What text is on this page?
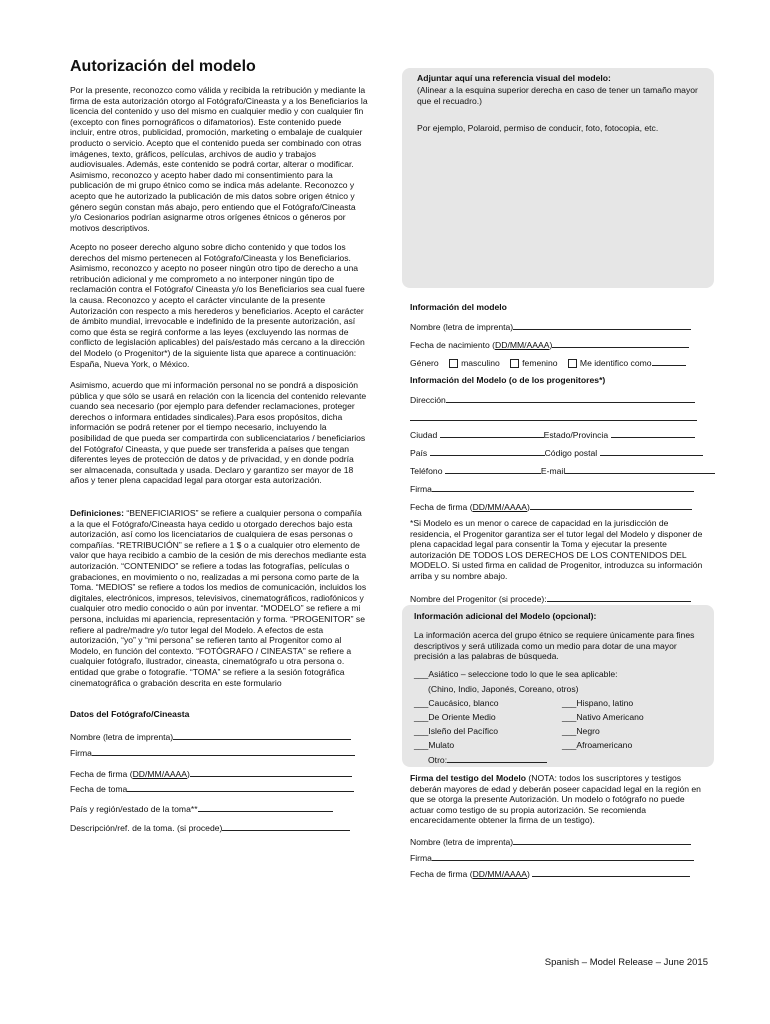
Autorización del modelo

Por la presente, reconozco como válida y recibida la retribución y mediante la firma de esta autorización otorgo al Fotógrafo/Cineasta y a los Beneficiarios la licencia del contenido y uso del mismo en cualquier medio y con cualquier fin (excepto con fines pornográficos o difamatorios). Este contenido puede incluir, entre otros, publicidad, promoción, marketing o embalaje de cualquier producto o servicio. Acepto que el contenido pueda ser combinado con otras imágenes, texto, gráficos, películas, archivos de audio y trabajos audiovisuales. Además, este contenido se podrá cortar, alterar o modificar. Asimismo, reconozco y acepto haber dado mi consentimiento para la publicación de mi grupo étnico como se indica más adelante. Reconozco y acepto que he autorizado la publicación de mis datos sobre origen étnico y género según constan más abajo, pero entiendo que el Fotógrafo/Cineasta y/o Cesionarios podrían asignarme otros orígenes étnicos o géneros por motivos descriptivos.

Acepto no poseer derecho alguno sobre dicho contenido y que todos los derechos del mismo pertenecen al Fotógrafo/Cineasta y los Beneficiarios. Asimismo, reconozco y acepto no poseer ningún otro tipo de derecho a una retribución adicional y me comprometo a no interponer ningún tipo de reclamación contra el Fotógrafo/ Cineasta y/o los Beneficiarios sea cual fuere la causa. Reconozco y acepto el carácter vinculante de la presente Autorización con respecto a mis herederos y beneficiarios. Acepto el carácter de ámbito mundial, irrevocable e indefinido de la presente autorización, así como que ésta se regirá conforme a las leyes (excluyendo las normas de conflicto de legislación aplicables) del país/estado más cercano a la dirección del Modelo (o Progenitor*) de la siguiente lista que aparece a continuación: España, Nueva York, o México.

Asimismo, acuerdo que mi información personal no se pondrá a disposición pública y que sólo se usará en relación con la licencia del contenido relevante cuando sea necesario (por ejemplo para defender reclamaciones, proteger derechos o informara entidades sindicales).Para esos propósitos, dicha información se podrá retener por el tiempo necesario, incluyendo la posibilidad de que pueda ser compartirda con sublicenciatarios / beneficiarios del Fotógrafo/ Cineasta, y que puede ser transferida a países que tengan diferentes leyes de protección de datos y de privacidad, y en donde podría ser almacenada, consultada y usada. Declaro y garantizo ser mayor de 18 años y tener plena capacidad legal para otorgar esta autorización.

Definiciones: “BENEFICIARIOS” se refiere a cualquier persona o compañía a la que el Fotógrafo/Cineasta haya cedido u otorgado derechos bajo esta autorización, así como los licenciatarios de cualquiera de esas personas o compañías. “RETRIBUCIÓN” se refiere a 1 $ o a cualquier otro elemento de valor que haya recibido a cambio de la cesión de mis derechos mediante esta autorización. “CONTENIDO” se refiere a todas las fotografías, películas o grabaciones, en movimiento o no, realizadas a mi persona como parte de la Toma. “MEDIOS” se refiere a todos los medios de comunicación, incluidos los digitales, electrónicos, impresos, televisivos, cinematográficos, radiofónicos y cualquier otro medio conocido o aún por inventar. “MODELO” se refiere a mi persona, incluidas mi apariencia, representación y forma. “PROGENITOR” se refiere al padre/madre y/o tutor legal del Modelo. A efectos de esta autorización, “yo” y “mi persona” se refieren tanto al Progenitor como al Modelo, en función del contexto. “FOTÓGRAFO / CINEASTA” se refiere a cualquier fotógrafo, ilustrador, cineasta, cinematógrafo u otra persona o. entidad que grabe o fotografíe. “TOMA” se refiere a la sesión fotográfica cinematográfica o grabación descrita en este formulario

Datos del Fotógrafo/Cineasta
Nombre (letra de imprenta)
Firma
Fecha de firma (DD/MM/AAAA)
Fecha de toma
País y región/estado de la toma**
Descripción/ref. de la toma. (si procede)
Adjuntar aquí una referencia visual del modelo:
(Alinear a la esquina superior derecha en caso de tener un tamaño mayor que el recuadro.)
Por ejemplo, Polaroid, permiso de conducir, foto, fotocopia, etc.
Información del modelo
Nombre (letra de imprenta)
Fecha de nacimiento (DD/MM/AAAA)
Género	masculino	femenino	Me identifico como
Información del Modelo (o de los progenitores*)
Dirección
Ciudad	Estado/Provincia
País	Código postal
Teléfono	E-mail
Firma
Fecha de firma (DD/MM/AAAA)

*Si Modelo es un menor o carece de capacidad en la jurisdicción de residencia, el Progenitor garantiza ser el tutor legal del Modelo y disponer de plena capacidad legal para consentir la Toma y ejecutar la presente autorización DE TODOS LOS DERECHOS DE LOS CONTENIDOS DEL MODELO. Si usted firma en calidad de Progenitor, introduzca su información arriba y su nombre abajo.

Nombre del Progenitor (si procede):
Información adicional del Modelo (opcional):
La información acerca del grupo étnico se requiere únicamente para fines descriptivos y será utilizada como un medio para dotar de una mayor precisión a las palabras de búsqueda.
___Asiático – seleccione todo lo que le sea aplicable:
(Chino, Indio, Japonés, Coreano, otros)
___Caucásico, blanco	___Hispano, latino
___De Oriente Medio	___Nativo Americano
___Isleño del Pacífico	___Negro
___Mulato	___Afroamericano
Otro:

Firma del testigo del Modelo (NOTA: todos los suscriptores y testigos deberán mayores de edad y deberán poseer capacidad legal en la región en que se otorga la presente Autorización. Un modelo o fotógrafo no puede actuar como testigo de su propia autorización. Se recomienda encarecidamente obtener la firma de un testigo).

Nombre (letra de imprenta)
Firma
Fecha de firma (DD/MM/AAAA)
Spanish – Model Release – June 2015
